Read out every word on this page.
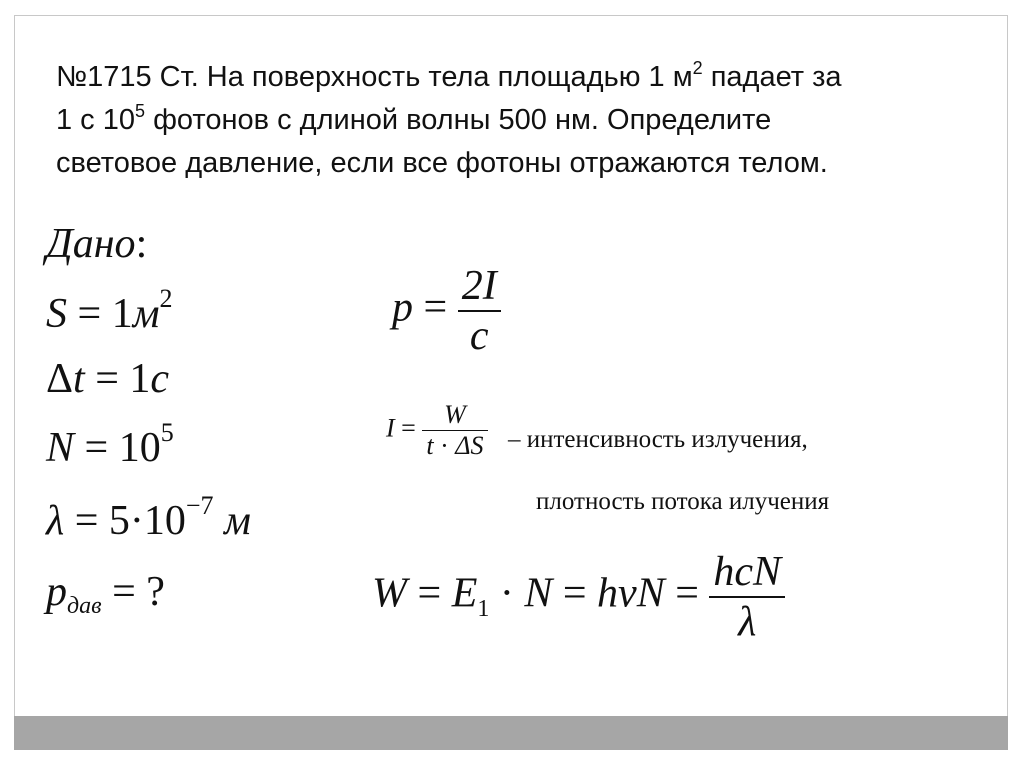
№1715 Ст. На поверхность тела площадью 1 $м^2$ падает за
1 с $10^5$ фотонов с длиной волны 500 нм. Определите
световое давление, если все фотоны отражаются телом.
Дано:
$S = 1м^2$
Δt = 1с
$N = 10^5$
$\lambda = 5\cdot 10^{-7}$ м
$p_{дав}$ = ?
$p = \frac{2I}{c}$
$I = \frac{W}{t \cdot \Delta S}$ – интенсивность излучения,
плотность потока илучения
$W = E_1 \cdot N = h\nu N = \frac{\text{hcN}}{\lambda}$
